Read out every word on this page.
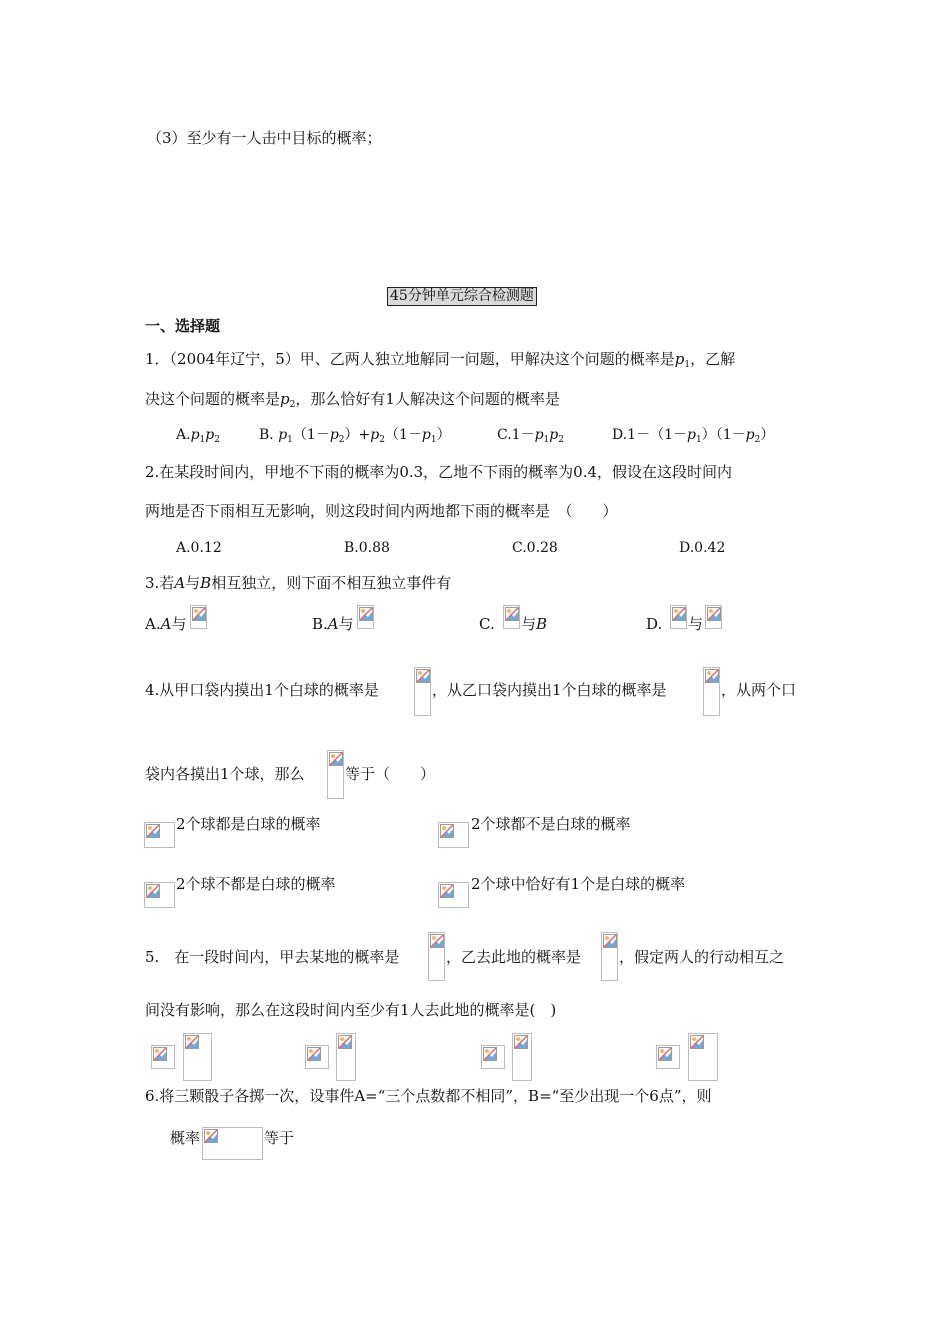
（3）至少有一人击中目标的概率；
45分钟单元综合检测题
一、选择题
1．（2004年辽宁，5）甲、乙两人独立地解同一问题，甲解决这个问题的概率是$p_1$，乙解
决这个问题的概率是$p_2$，那么恰好有1人解决这个问题的概率是
$A.p_1p_2$	B. $p_1(1-p_2)+p_2(1-p_1)$	$C.1-p_1p_2$	$D.1-(1-p_1)(1-p_2)$
2.在某段时间内，甲地不下雨的概率为0.3，乙地不下雨的概率为0.4，假设在这段时间内
两地是否下雨相互无影响，则这段时间内两地都下雨的概率是　（　　）
A.0.12	B.0.88	C.0.28	D.0.42
3.若A与B相互独立，则下面不相互独立事件有
A.A与	B.A与	C. 与B	D. 与
4.从甲口袋内摸出1个白球的概率是	，从乙口袋内摸出1个白球的概率是	，从两个口
袋内各摸出1个球，那么	等于（　　）
2个球都是白球的概率	2个球都不是白球的概率
2个球不都是白球的概率	2个球中恰好有1个是白球的概率
5.　在一段时间内，甲去某地的概率是	，乙去此地的概率是	，假定两人的行动相互之
间没有影响，那么在这段时间内至少有1人去此地的概率是(　)
6.将三颗骰子各掷一次，设事件A=“三个点数都不相同”，B=“至少出现一个6点”，则
概率	等于
